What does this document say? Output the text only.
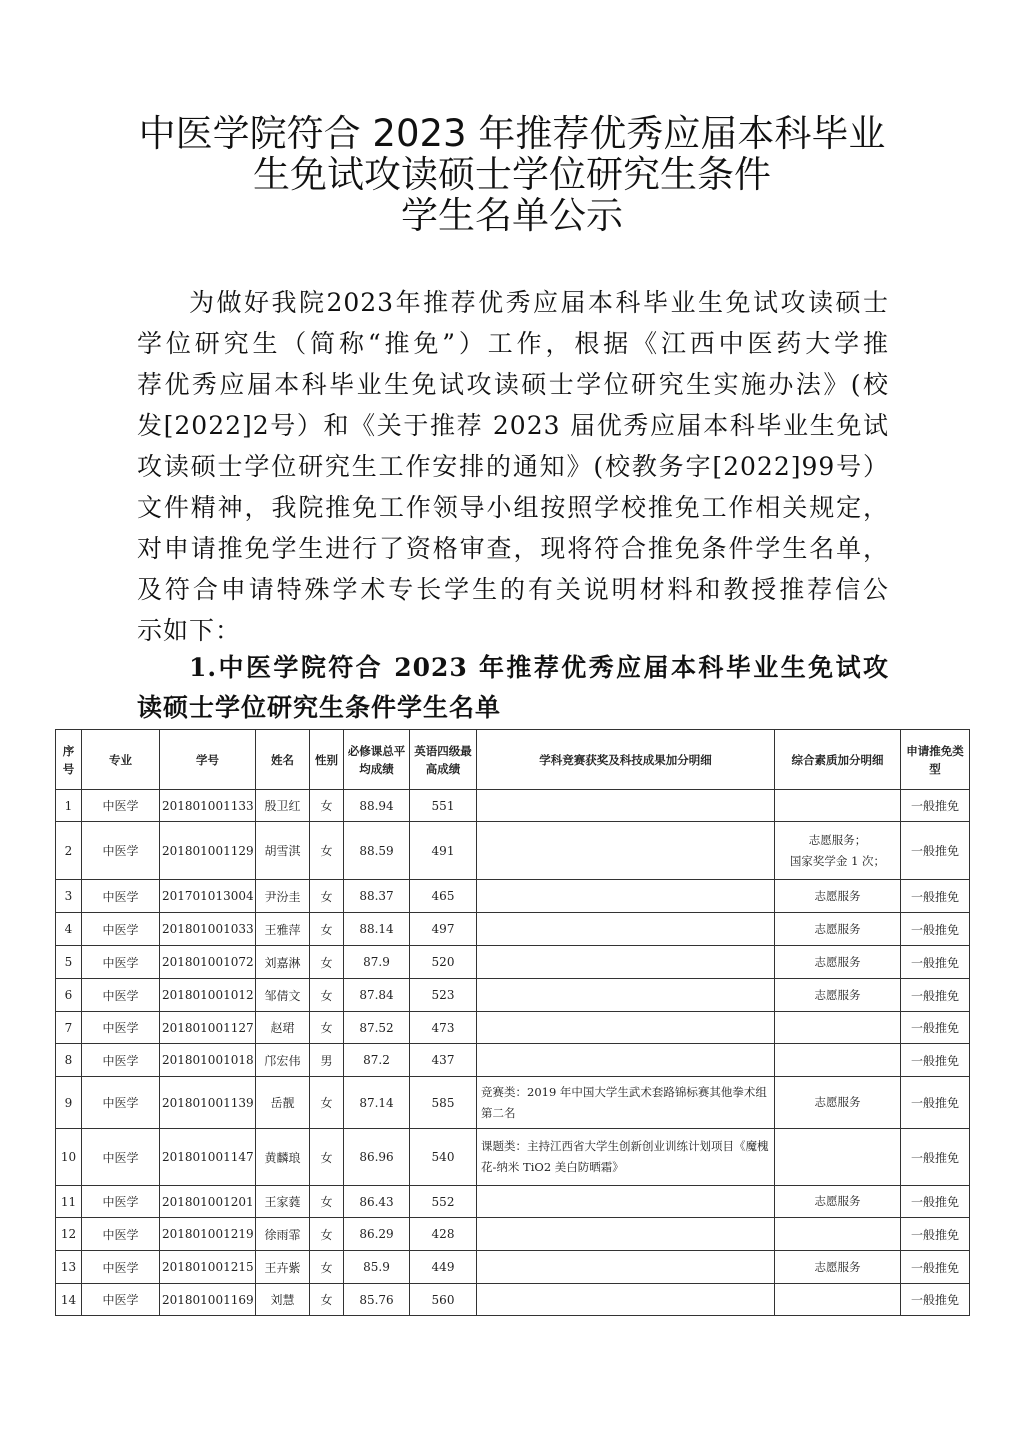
中医学院符合 2023 年推荐优秀应届本科毕业
生免试攻读硕士学位研究生条件
学生名单公示
为做好我院2023年推荐优秀应届本科毕业生免试攻读硕士
学位研究生（简称“推免”）工作，根据《江西中医药大学推
荐优秀应届本科毕业生免试攻读硕士学位研究生实施办法》(校
发[2022]2号）和《关于推荐 2023 届优秀应届本科毕业生免试
攻读硕士学位研究生工作安排的通知》(校教务字[2022]99号）
文件精神，我院推免工作领导小组按照学校推免工作相关规定，
对申请推免学生进行了资格审查，现将符合推免条件学生名单，
及符合申请特殊学术专长学生的有关说明材料和教授推荐信公
示如下：
1.中医学院符合 2023 年推荐优秀应届本科毕业生免试攻
读硕士学位研究生条件学生名单
序号	专业	学号	姓名	性别	必修课总平均成绩	英语四级最高成绩	学科竞赛获奖及科技成果加分明细	综合素质加分明细	申请推免类型
1	中医学	201801001133	殷卫红	女	88.94	551			一般推免
2	中医学	201801001129	胡雪淇	女	88.59	491		志愿服务；
国家奖学金 1 次；	一般推免
3	中医学	201701013004	尹汾圭	女	88.37	465		志愿服务	一般推免
4	中医学	201801001033	王雅萍	女	88.14	497		志愿服务	一般推免
5	中医学	201801001072	刘嘉淋	女	87.9	520		志愿服务	一般推免
6	中医学	201801001012	邹倩文	女	87.84	523		志愿服务	一般推免
7	中医学	201801001127	赵珺	女	87.52	473			一般推免
8	中医学	201801001018	邝宏伟	男	87.2	437			一般推免
9	中医学	201801001139	岳靓	女	87.14	585	竞赛类：2019 年中国大学生武术套路锦标赛其他拳术组第二名	志愿服务	一般推免
10	中医学	201801001147	黄麟琅	女	86.96	540	课题类：主持江西省大学生创新创业训练计划项目《魔槐花-纳米 TiO2 美白防晒霜》		一般推免
11	中医学	201801001201	王家蕤	女	86.43	552		志愿服务	一般推免
12	中医学	201801001219	徐雨霏	女	86.29	428			一般推免
13	中医学	201801001215	王卉紫	女	85.9	449		志愿服务	一般推免
14	中医学	201801001169	刘慧	女	85.76	560			一般推免
